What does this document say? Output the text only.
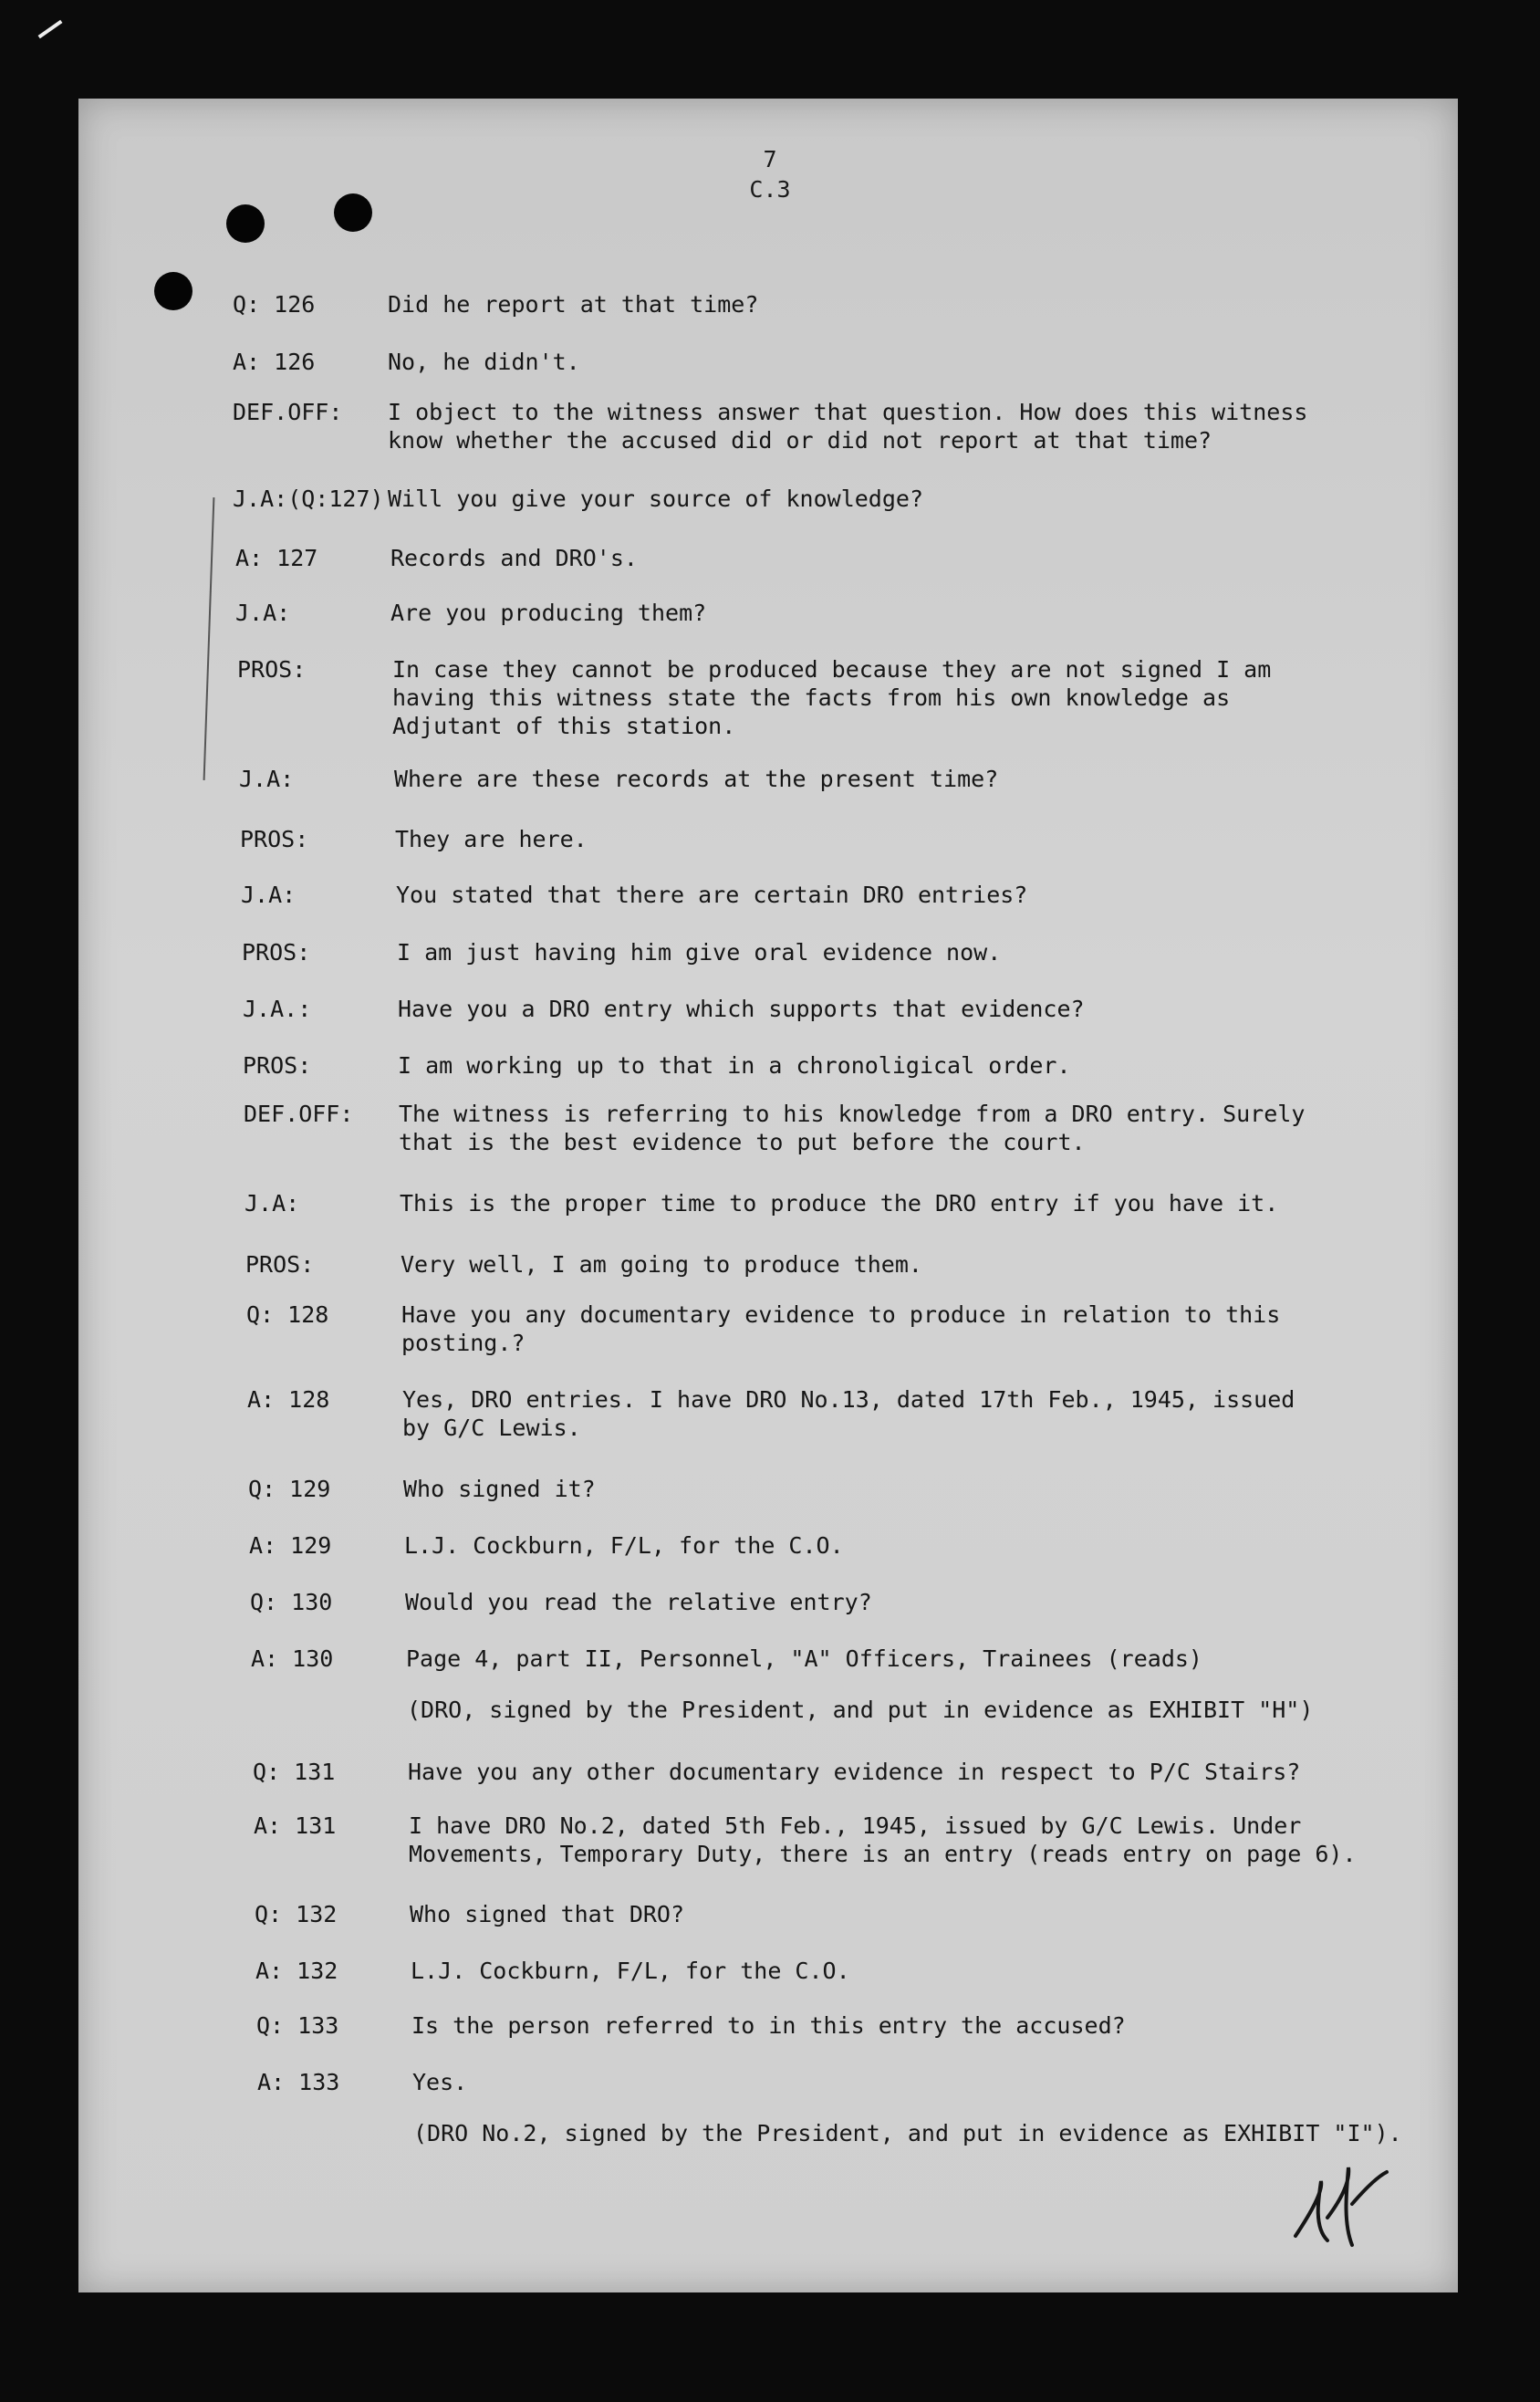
7
C.3
Q: 126	Did he report at that time?
A: 126	No, he didn't.
DEF.OFF: I object to the witness answer that question. How does this witness
know whether the accused did or did not report at that time?
J.A:(Q:127) Will you give your source of knowledge?
A: 127	Records and DRO's.
J.A:	Are you producing them?
PROS:	In case they cannot be produced because they are not signed I am
having this witness state the facts from his own knowledge as
Adjutant of this station.
J.A:	Where are these records at the present time?
PROS:	They are here.
J.A:	You stated that there are certain DRO entries?
PROS:	I am just having him give oral evidence now.
J.A.:	Have you a DRO entry which supports that evidence?
PROS:	I am working up to that in a chronoligical order.
DEF.OFF: The witness is referring to his knowledge from a DRO entry. Surely
that is the best evidence to put before the court.
J.A:	This is the proper time to produce the DRO entry if you have it.
PROS:	Very well, I am going to produce them.
Q: 128	Have you any documentary evidence to produce in relation to this
posting.?
A: 128	Yes, DRO entries. I have DRO No.13, dated 17th Feb., 1945, issued
by G/C Lewis.
Q: 129	Who signed it?
A: 129	L.J. Cockburn, F/L, for the C.O.
Q: 130	Would you read the relative entry?
A: 130	Page 4, part II, Personnel, "A" Officers, Trainees (reads)
(DRO, signed by the President, and put in evidence as EXHIBIT "H")
Q: 131	Have you any other documentary evidence in respect to P/C Stairs?
A: 131	I have DRO No.2, dated 5th Feb., 1945, issued by G/C Lewis. Under
Movements, Temporary Duty, there is an entry (reads entry on page 6).
Q: 132	Who signed that DRO?
A: 132	L.J. Cockburn, F/L, for the C.O.
Q: 133	Is the person referred to in this entry the accused?
A: 133	Yes.
(DRO No.2, signed by the President, and put in evidence as EXHIBIT "I").
